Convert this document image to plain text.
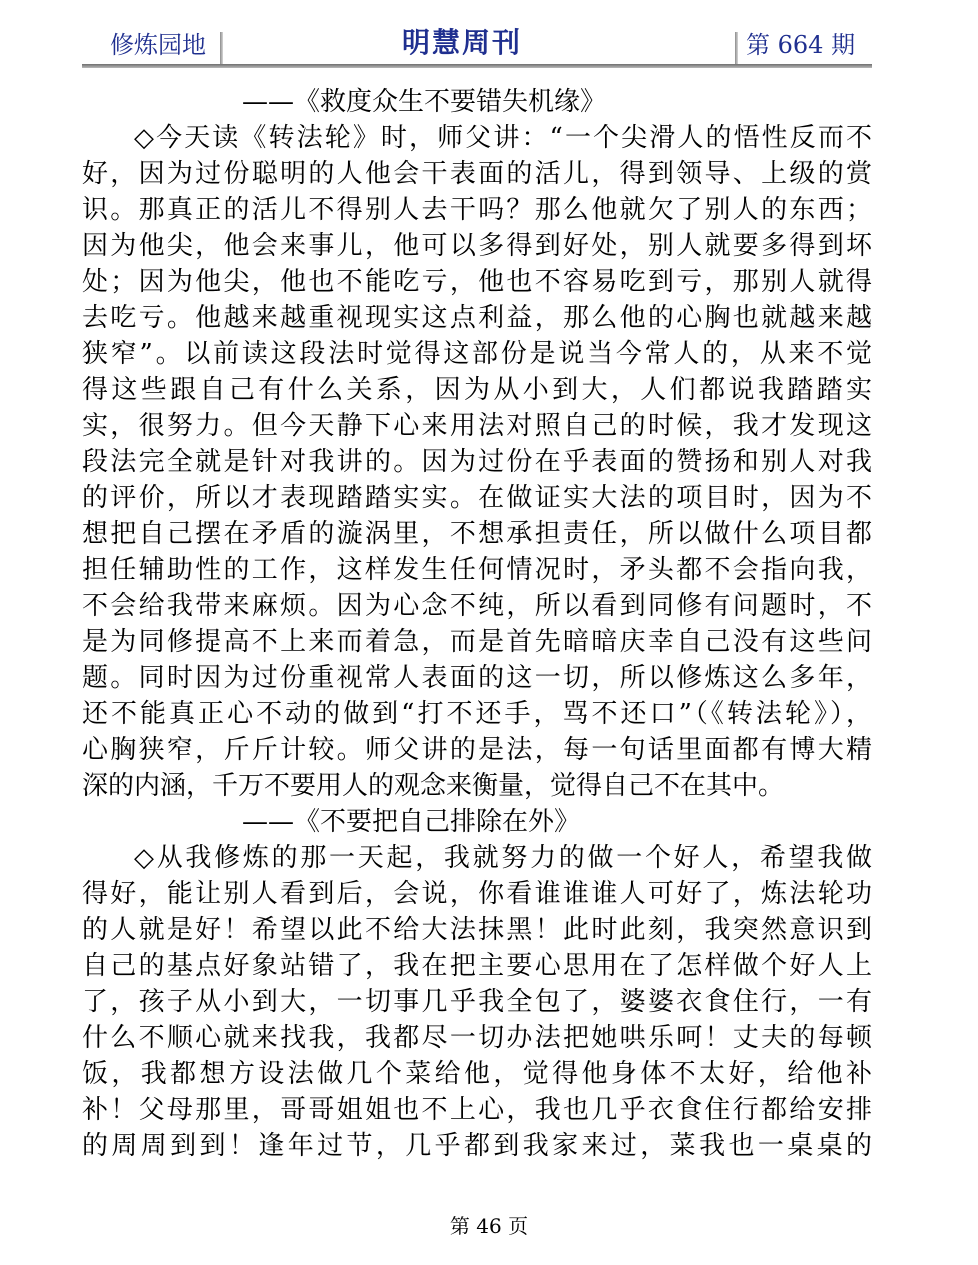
修炼园地	明慧周刊	第 664 期
——《救度众生不要错失机缘》
◇今天读《转法轮》时，师父讲：“一个尖滑人的悟性反而不
好，因为过份聪明的人他会干表面的活儿，得到领导、上级的赏
识。那真正的活儿不得别人去干吗？那么他就欠了别人的东西；
因为他尖，他会来事儿，他可以多得到好处，别人就要多得到坏
处；因为他尖，他也不能吃亏，他也不容易吃到亏，那别人就得
去吃亏。他越来越重视现实这点利益，那么他的心胸也就越来越
狭窄”。以前读这段法时觉得这部份是说当今常人的，从来不觉
得这些跟自己有什么关系，因为从小到大，人们都说我踏踏实
实，很努力。但今天静下心来用法对照自己的时候，我才发现这
段法完全就是针对我讲的。因为过份在乎表面的赞扬和别人对我
的评价，所以才表现踏踏实实。在做证实大法的项目时，因为不
想把自己摆在矛盾的漩涡里，不想承担责任，所以做什么项目都
担任辅助性的工作，这样发生任何情况时，矛头都不会指向我，
不会给我带来麻烦。因为心念不纯，所以看到同修有问题时，不
是为同修提高不上来而着急，而是首先暗暗庆幸自己没有这些问
题。同时因为过份重视常人表面的这一切，所以修炼这么多年，
还不能真正心不动的做到“打不还手，骂不还口”（《转法轮》），
心胸狭窄，斤斤计较。师父讲的是法，每一句话里面都有博大精
深的内涵，千万不要用人的观念来衡量，觉得自己不在其中。
——《不要把自己排除在外》
◇从我修炼的那一天起，我就努力的做一个好人，希望我做
得好，能让别人看到后，会说，你看谁谁谁人可好了，炼法轮功
的人就是好！希望以此不给大法抹黑！此时此刻，我突然意识到
自己的基点好象站错了，我在把主要心思用在了怎样做个好人上
了，孩子从小到大，一切事几乎我全包了，婆婆衣食住行，一有
什么不顺心就来找我，我都尽一切办法把她哄乐呵！丈夫的每顿
饭，我都想方设法做几个菜给他，觉得他身体不太好，给他补
补！父母那里，哥哥姐姐也不上心，我也几乎衣食住行都给安排
的周周到到！逢年过节，几乎都到我家来过，菜我也一桌桌的
第 46 页
